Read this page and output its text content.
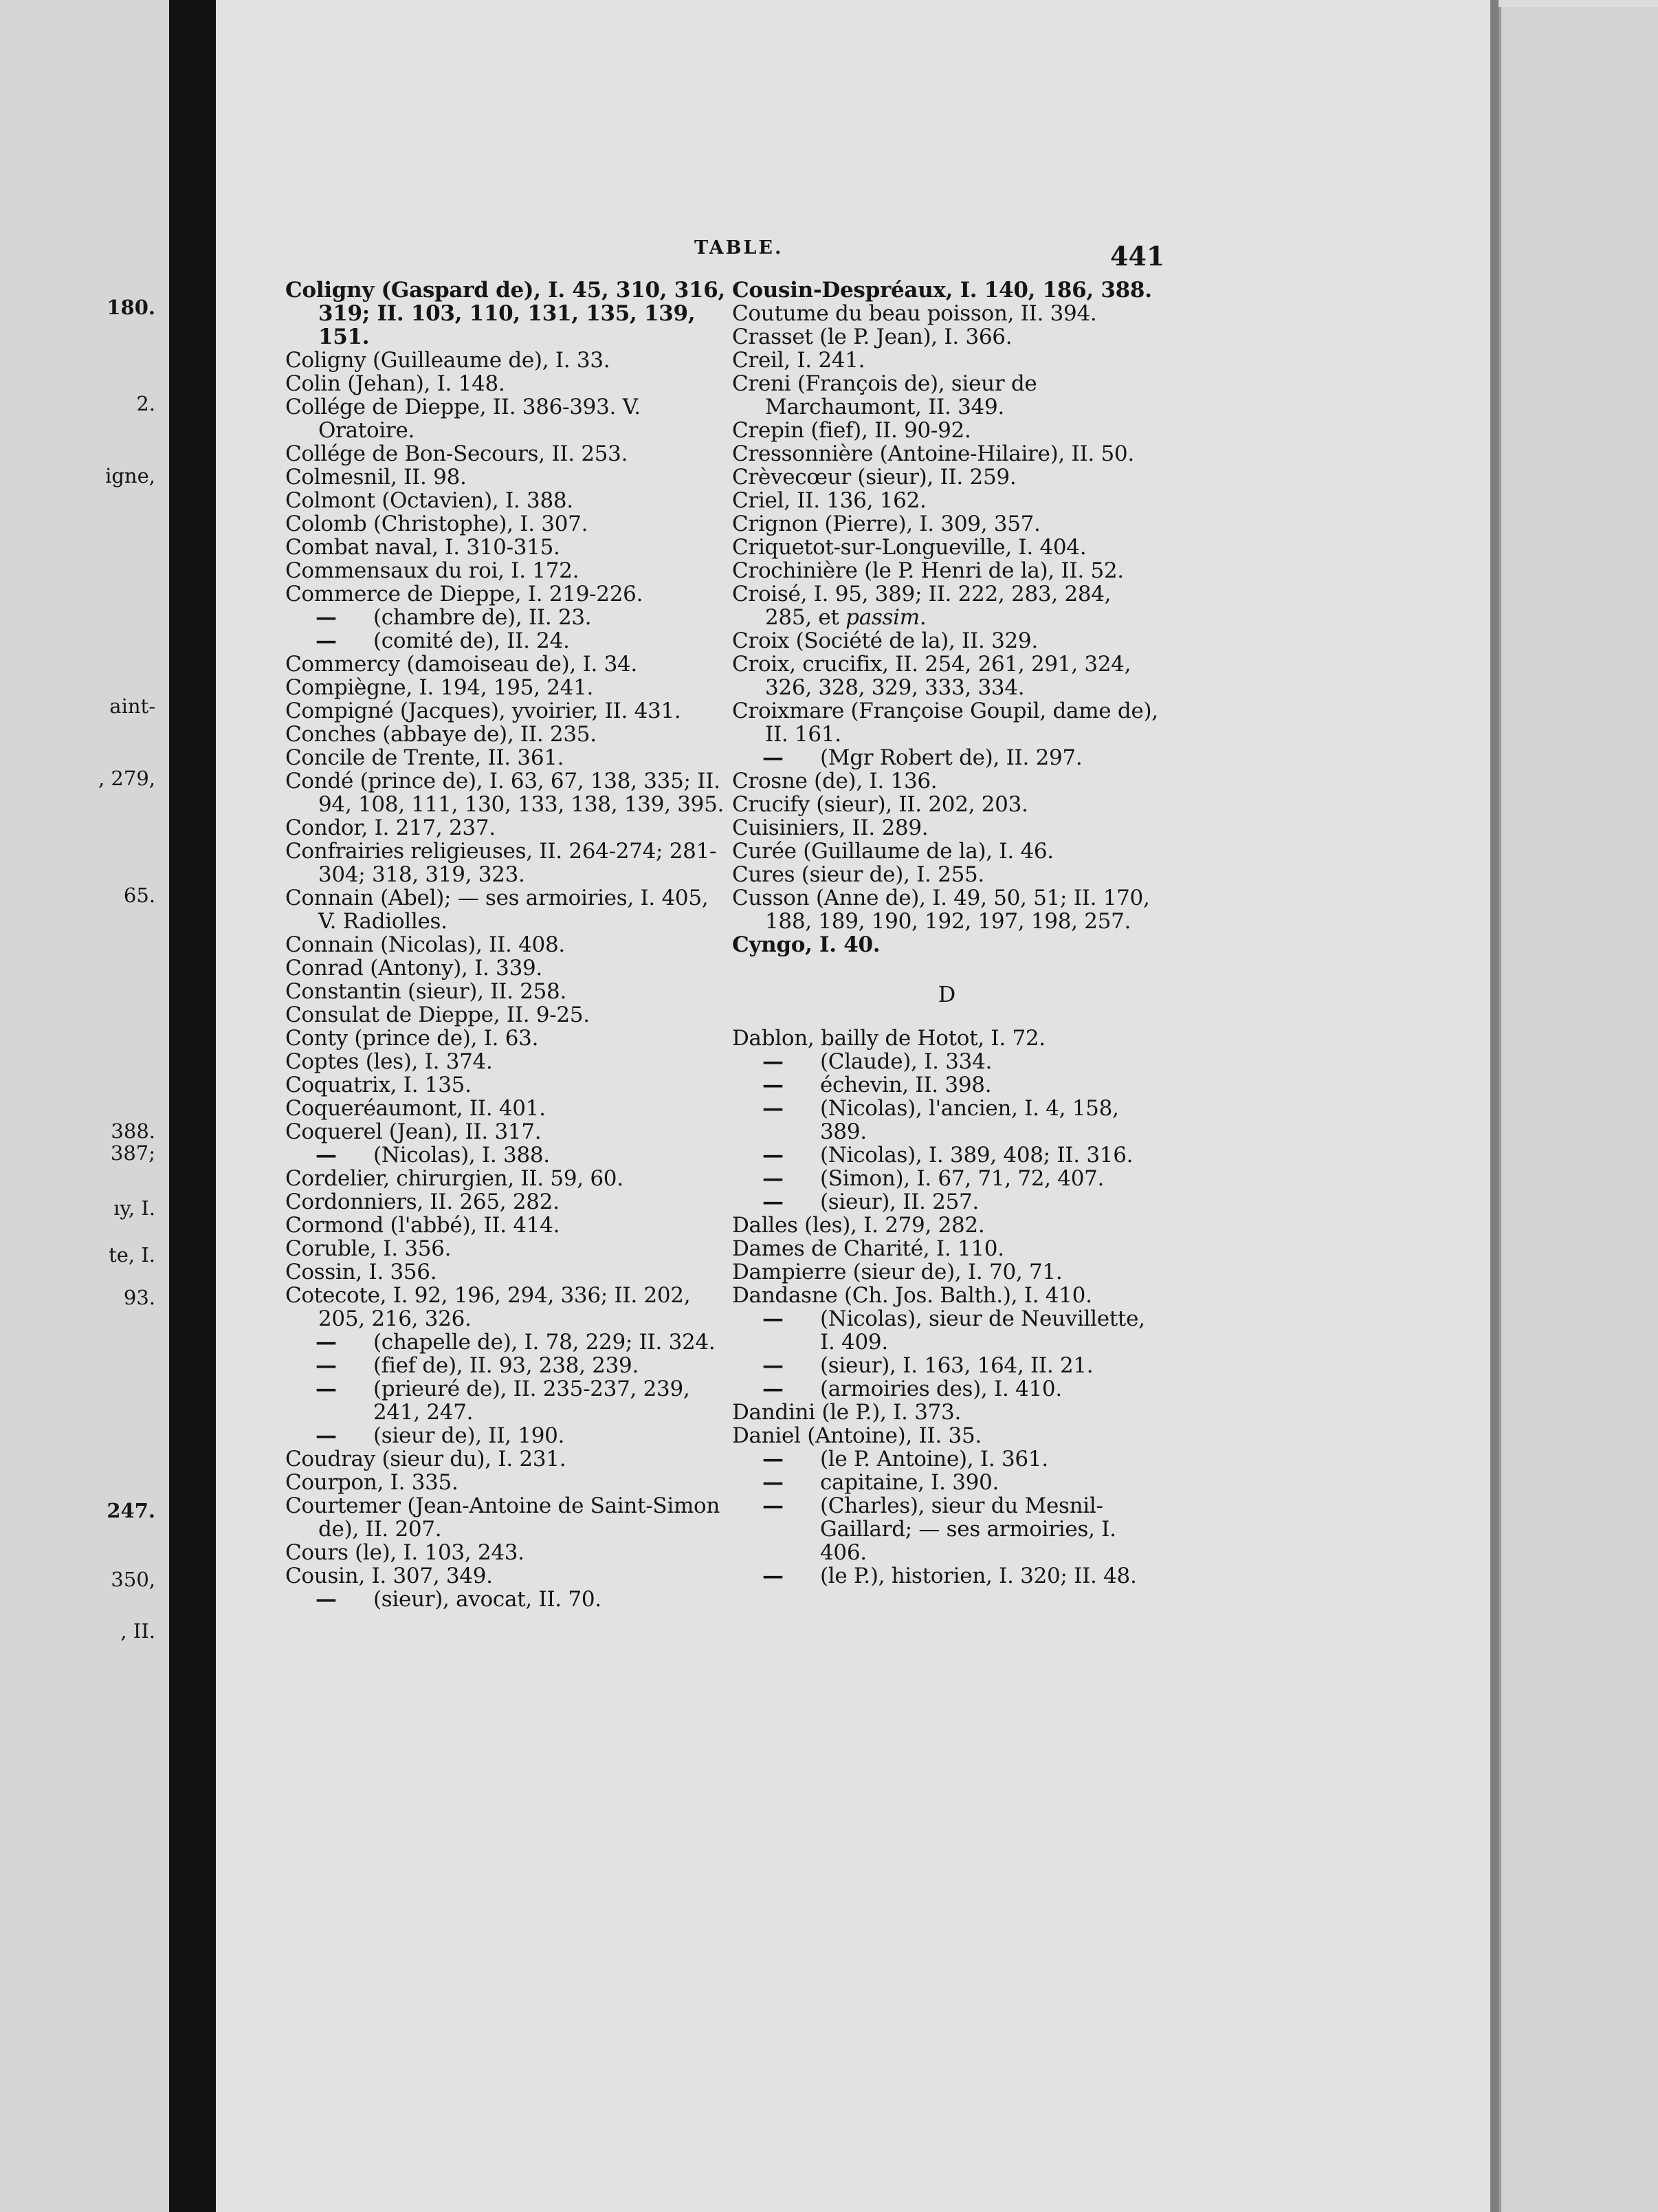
180.
2.
igne,
aint-
, 279,
65.
388.
387;
ıy, I.
te, I.
93.
247.
350,
, II.
TABLE.	441
Coligny (Gaspard de), I. 45, 310, 316, 319; II. 103, 110, 131, 135, 139, 151.
Coligny (Guilleaume de), I. 33.
Colin (Jehan), I. 148.
Collége de Dieppe, II. 386-393. V. Oratoire.
Collége de Bon-Secours, II. 253.
Colmesnil, II. 98.
Colmont (Octavien), I. 388.
Colomb (Christophe), I. 307.
Combat naval, I. 310-315.
Commensaux du roi, I. 172.
Commerce de Dieppe, I. 219-226.
— (chambre de), II. 23.
— (comité de), II. 24.
Commercy (damoiseau de), I. 34.
Compiègne, I. 194, 195, 241.
Compigné (Jacques), yvoirier, II. 431.
Conches (abbaye de), II. 235.
Concile de Trente, II. 361.
Condé (prince de), I. 63, 67, 138, 335; II. 94, 108, 111, 130, 133, 138, 139, 395.
Condor, I. 217, 237.
Confrairies religieuses, II. 264-274; 281-304; 318, 319, 323.
Connain (Abel); — ses armoiries, I. 405, V. Radiolles.
Connain (Nicolas), II. 408.
Conrad (Antony), I. 339.
Constantin (sieur), II. 258.
Consulat de Dieppe, II. 9-25.
Conty (prince de), I. 63.
Coptes (les), I. 374.
Coquatrix, I. 135.
Coqueréaumont, II. 401.
Coquerel (Jean), II. 317.
— (Nicolas), I. 388.
Cordelier, chirurgien, II. 59, 60.
Cordonniers, II. 265, 282.
Cormond (l'abbé), II. 414.
Coruble, I. 356.
Cossin, I. 356.
Cotecote, I. 92, 196, 294, 336; II. 202, 205, 216, 326.
— (chapelle de), I. 78, 229; II. 324.
— (fief de), II. 93, 238, 239.
— (prieuré de), II. 235-237, 239, 241, 247.
— (sieur de), II, 190.
Coudray (sieur du), I. 231.
Courpon, I. 335.
Courtemer (Jean-Antoine de Saint-Simon de), II. 207.
Cours (le), I. 103, 243.
Cousin, I. 307, 349.
— (sieur), avocat, II. 70.
Cousin-Despréaux, I. 140, 186, 388.
Coutume du beau poisson, II. 394.
Crasset (le P. Jean), I. 366.
Creil, I. 241.
Creni (François de), sieur de Marchaumont, II. 349.
Crepin (fief), II. 90-92.
Cressonnière (Antoine-Hilaire), II. 50.
Crèvecœur (sieur), II. 259.
Criel, II. 136, 162.
Crignon (Pierre), I. 309, 357.
Criquetot-sur-Longueville, I. 404.
Crochinière (le P. Henri de la), II. 52.
Croisé, I. 95, 389; II. 222, 283, 284, 285, et passim.
Croix (Société de la), II. 329.
Croix, crucifix, II. 254, 261, 291, 324, 326, 328, 329, 333, 334.
Croixmare (Françoise Goupil, dame de), II. 161.
— (Mgr Robert de), II. 297.
Crosne (de), I. 136.
Crucify (sieur), II. 202, 203.
Cuisiniers, II. 289.
Curée (Guillaume de la), I. 46.
Cures (sieur de), I. 255.
Cusson (Anne de), I. 49, 50, 51; II. 170, 188, 189, 190, 192, 197, 198, 257.
Cyngo, I. 40.
D
Dablon, bailly de Hotot, I. 72.
— (Claude), I. 334.
— échevin, II. 398.
— (Nicolas), l'ancien, I. 4, 158, 389.
— (Nicolas), I. 389, 408; II. 316.
— (Simon), I. 67, 71, 72, 407.
— (sieur), II. 257.
Dalles (les), I. 279, 282.
Dames de Charité, I. 110.
Dampierre (sieur de), I. 70, 71.
Dandasne (Ch. Jos. Balth.), I. 410.
— (Nicolas), sieur de Neuvillette, I. 409.
— (sieur), I. 163, 164, II. 21.
— (armoiries des), I. 410.
Dandini (le P.), I. 373.
Daniel (Antoine), II. 35.
— (le P. Antoine), I. 361.
— capitaine, I. 390.
— (Charles), sieur du Mesnil-Gaillard; — ses armoiries, I. 406.
— (le P.), historien, I. 320; II. 48.
